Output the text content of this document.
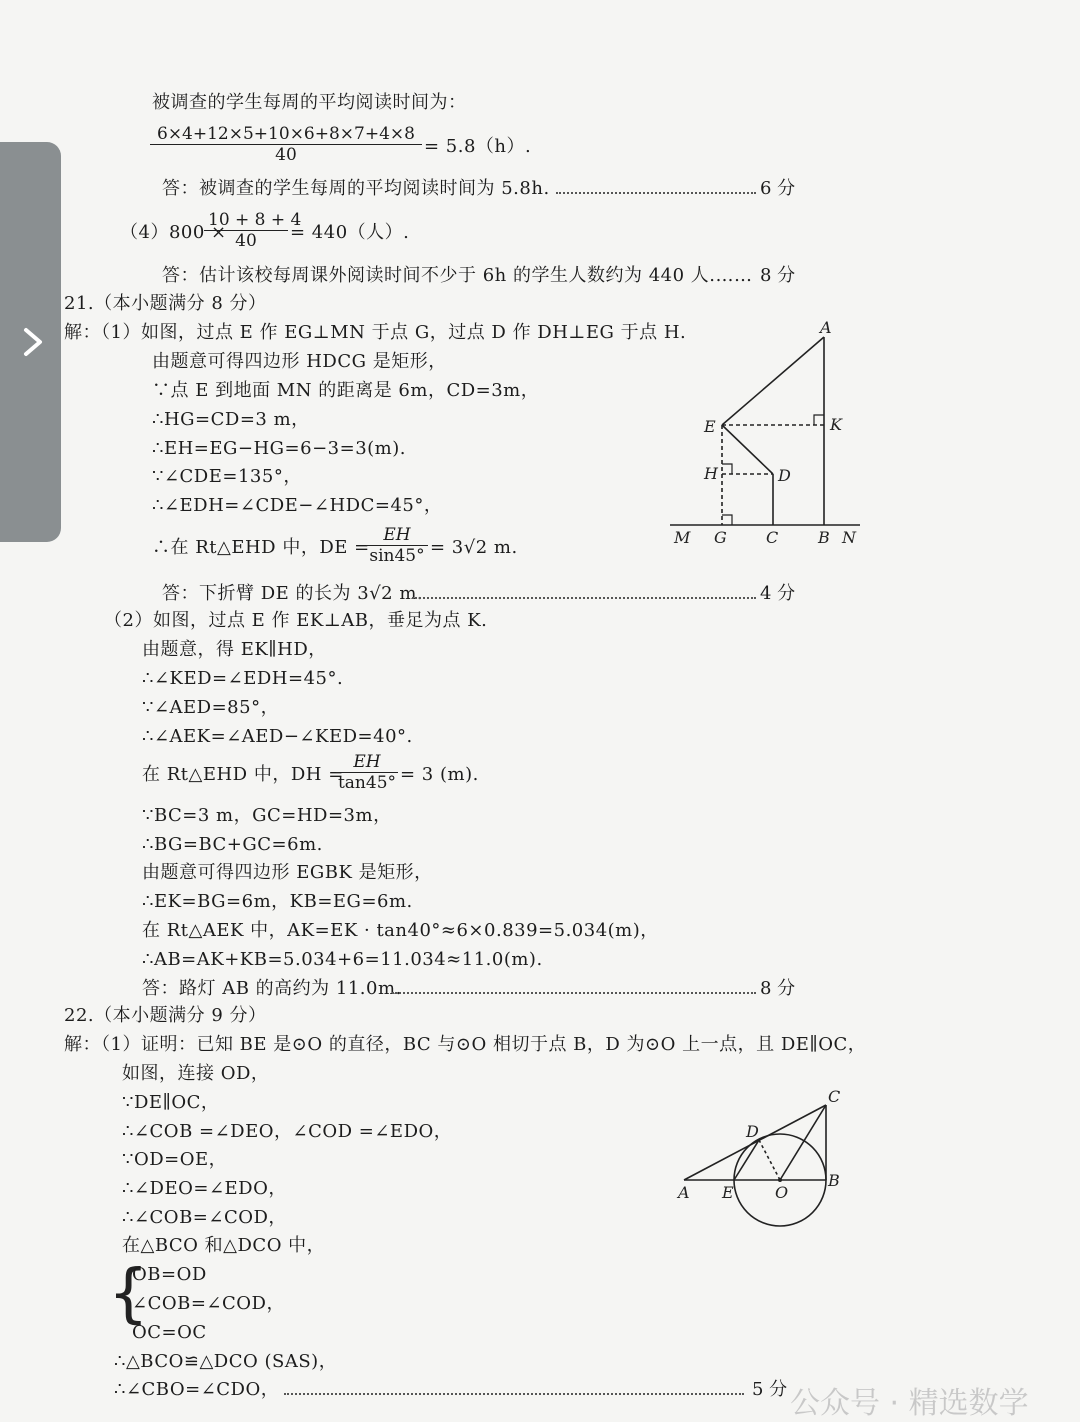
被调查的学生每周的平均阅读时间为：
$\frac{6\times 4+12\times 5+10\times 6+8\times 7+4\times 8}{40} = 5.8(h)$.
答：被调查的学生每周的平均阅读时间为 5.8h.	6 分
（4）800 ×
$\frac{10 + 8 + 4}{40} = 440$（人）.
答：估计该校每周课外阅读时间不少于 6h 的学生人数约为 440 人.…… 8 分
21.（本小题满分 8 分）
解：（1）如图，过点 E 作 EG⊥MN 于点 G，过点 D 作 DH⊥EG 于点 H.
由题意可得四边形 HDCG 是矩形，
∵点 E 到地面 MN 的距离是 6m，CD=3m，
∴HG=CD=3 m，
∴EH=EG−HG=6−3=3(m).
∵∠CDE=135°，
∴∠EDH=∠CDE−∠HDC=45°，
∴在 Rt△EHD 中，DE =
$\frac{EH}{\sin 45^\circ} = 3√2$ m.
答：下折臂 DE 的长为 3√2 m.	4 分
（2）如图，过点 E 作 EK⊥AB，垂足为点 K.
由题意，得 EK∥HD，
∴∠KED=∠EDH=45°.
∵∠AED=85°，
∴∠AEK=∠AED−∠KED=40°.
在 Rt△EHD 中，DH =
$\frac{EH}{\tan 45^\circ} = 3$ (m).
∵BC=3 m，GC=HD=3m，
∴BG=BC+GC=6m.
由题意可得四边形 EGBK 是矩形，
∴EK=BG=6m，KB=EG=6m.
在 Rt△AEK 中，AK=EK · tan40°≈6×0.839=5.034(m)，
∴AB=AK+KB=5.034+6=11.034≈11.0(m).
答：路灯 AB 的高约为 11.0m.	8 分
A
E	K
H	D
M G C B N
22.（本小题满分 9 分）
解：（1）证明：已知 BE 是⊙O 的直径，BC 与⊙O 相切于点 B，D 为⊙O 上一点，且 DE∥OC，
如图，连接 OD，
∵DE∥OC，
∴∠COB =∠DEO，∠COD =∠EDO，
∵OD=OE，
∴∠DEO=∠EDO，
∴∠COB=∠COD，
在△BCO 和△DCO 中，
{
OB=OD
∠COB=∠COD，
OC=OC
∴△BCO≌△DCO (SAS)，
∴∠CBO=∠CDO，	5 分
C
D
A E	O
B
公众号 · 精选数学
